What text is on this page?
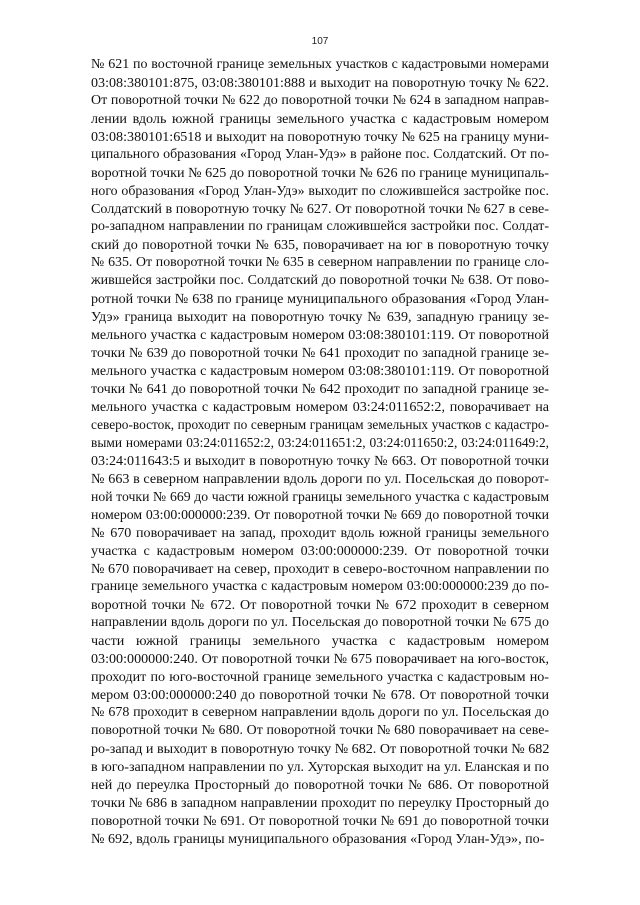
107
№ 621 по восточной границе земельных участков с кадастровыми номерами
03:08:380101:875, 03:08:380101:888 и выходит на поворотную точку № 622.
От поворотной точки № 622 до поворотной точки № 624 в западном направ-
лении вдоль южной границы земельного участка с кадастровым номером
03:08:380101:6518 и выходит на поворотную точку № 625 на границу муни-
ципального образования «Город Улан-Удэ» в районе пос. Солдатский. От по-
воротной точки № 625 до поворотной точки № 626 по границе муниципаль-
ного образования «Город Улан-Удэ» выходит по сложившейся застройке пос.
Солдатский в поворотную точку № 627. От поворотной точки № 627 в севе-
ро-западном направлении по границам сложившейся застройки пос. Солдат-
ский до поворотной точки № 635, поворачивает на юг в поворотную точку
№ 635. От поворотной точки № 635 в северном направлении по границе сло-
жившейся застройки пос. Солдатский до поворотной точки № 638. От пово-
ротной точки № 638 по границе муниципального образования «Город Улан-
Удэ» граница выходит на поворотную точку № 639, западную границу зе-
мельного участка с кадастровым номером 03:08:380101:119. От поворотной
точки № 639 до поворотной точки № 641 проходит по западной границе зе-
мельного участка с кадастровым номером 03:08:380101:119. От поворотной
точки № 641 до поворотной точки № 642 проходит по западной границе зе-
мельного участка с кадастровым номером 03:24:011652:2, поворачивает на
северо-восток, проходит по северным границам земельных участков с кадастро-
выми номерами 03:24:011652:2, 03:24:011651:2, 03:24:011650:2, 03:24:011649:2,
03:24:011643:5 и выходит в поворотную точку № 663. От поворотной точки
№ 663 в северном направлении вдоль дороги по ул. Посельская до поворот-
ной точки № 669 до части южной границы земельного участка с кадастровым
номером 03:00:000000:239. От поворотной точки № 669 до поворотной точки
№ 670 поворачивает на запад, проходит вдоль южной границы земельного
участка с кадастровым номером 03:00:000000:239. От поворотной точки
№ 670 поворачивает на север, проходит в северо-восточном направлении по
границе земельного участка с кадастровым номером 03:00:000000:239 до по-
воротной точки № 672. От поворотной точки № 672 проходит в северном
направлении вдоль дороги по ул. Посельская до поворотной точки № 675 до
части южной границы земельного участка с кадастровым номером
03:00:000000:240. От поворотной точки № 675 поворачивает на юго-восток,
проходит по юго-восточной границе земельного участка с кадастровым но-
мером 03:00:000000:240 до поворотной точки № 678. От поворотной точки
№ 678 проходит в северном направлении вдоль дороги по ул. Посельская до
поворотной точки № 680. От поворотной точки № 680 поворачивает на севе-
ро-запад и выходит в поворотную точку № 682. От поворотной точки № 682
в юго-западном направлении по ул. Хуторская выходит на ул. Еланская и по
ней до переулка Просторный до поворотной точки № 686. От поворотной
точки № 686 в западном направлении проходит по переулку Просторный до
поворотной точки № 691. От поворотной точки № 691 до поворотной точки
№ 692, вдоль границы муниципального образования «Город Улан-Удэ», по-
